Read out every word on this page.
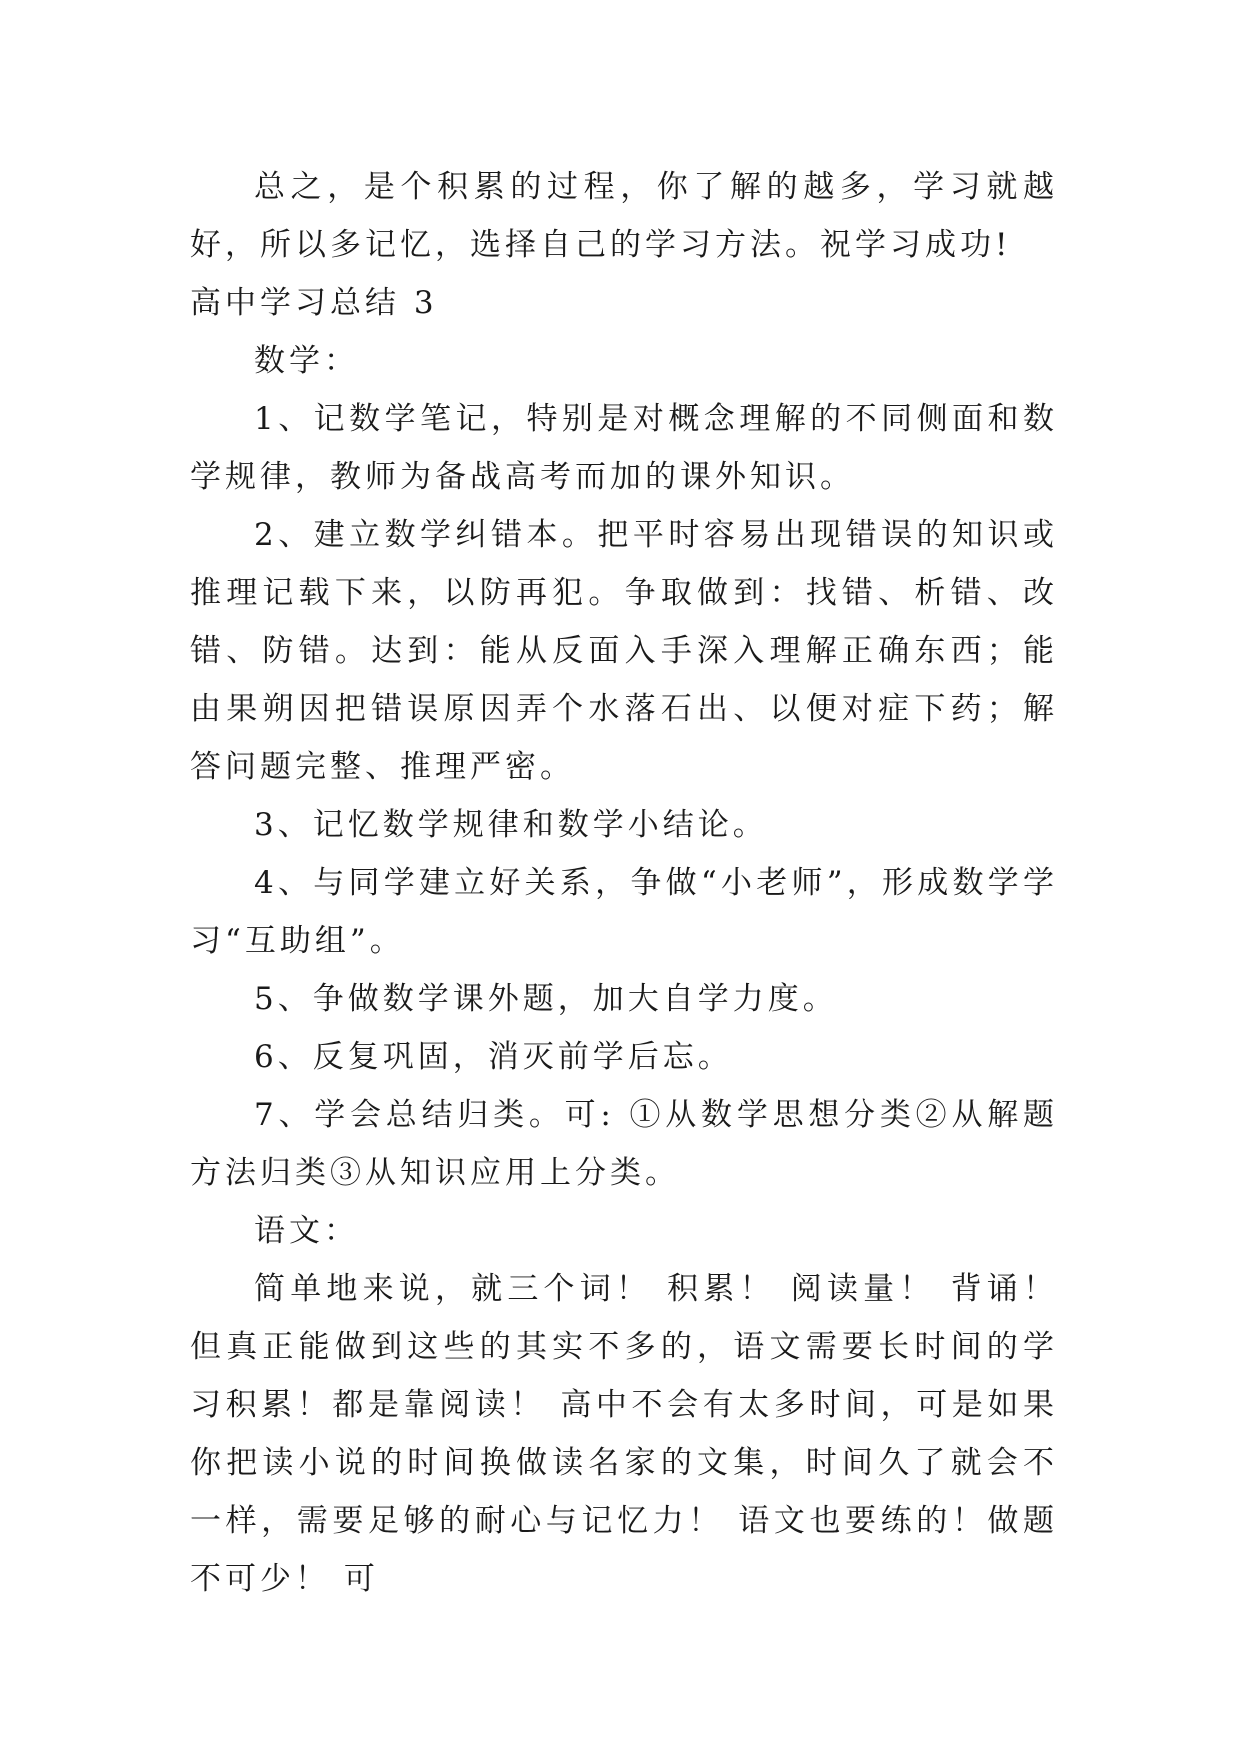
总之，是个积累的过程，你了解的越多，学习就越好，所以多记忆，选择自己的学习方法。祝学习成功!

高中学习总结 3

数学：

1、记数学笔记，特别是对概念理解的不同侧面和数学规律，教师为备战高考而加的课外知识。

2、建立数学纠错本。把平时容易出现错误的知识或推理记载下来，以防再犯。争取做到：找错、析错、改错、防错。达到：能从反面入手深入理解正确东西；能由果朔因把错误原因弄个水落石出、以便对症下药；解答问题完整、推理严密。

3、记忆数学规律和数学小结论。

4、与同学建立好关系，争做“小老师”，形成数学学习“互助组”。

5、争做数学课外题，加大自学力度。

6、反复巩固，消灭前学后忘。

7、学会总结归类。可: ①从数学思想分类②从解题方法归类③从知识应用上分类。

语文：

简单地来说，就三个词！ 积累！ 阅读量！ 背诵！ 但真正能做到这些的其实不多的，语文需要长时间的学习积累！都是靠阅读！ 高中不会有太多时间，可是如果你把读小说的时间换做读名家的文集，时间久了就会不一样，需要足够的耐心与记忆力！ 语文也要练的！做题不可少！ 可
